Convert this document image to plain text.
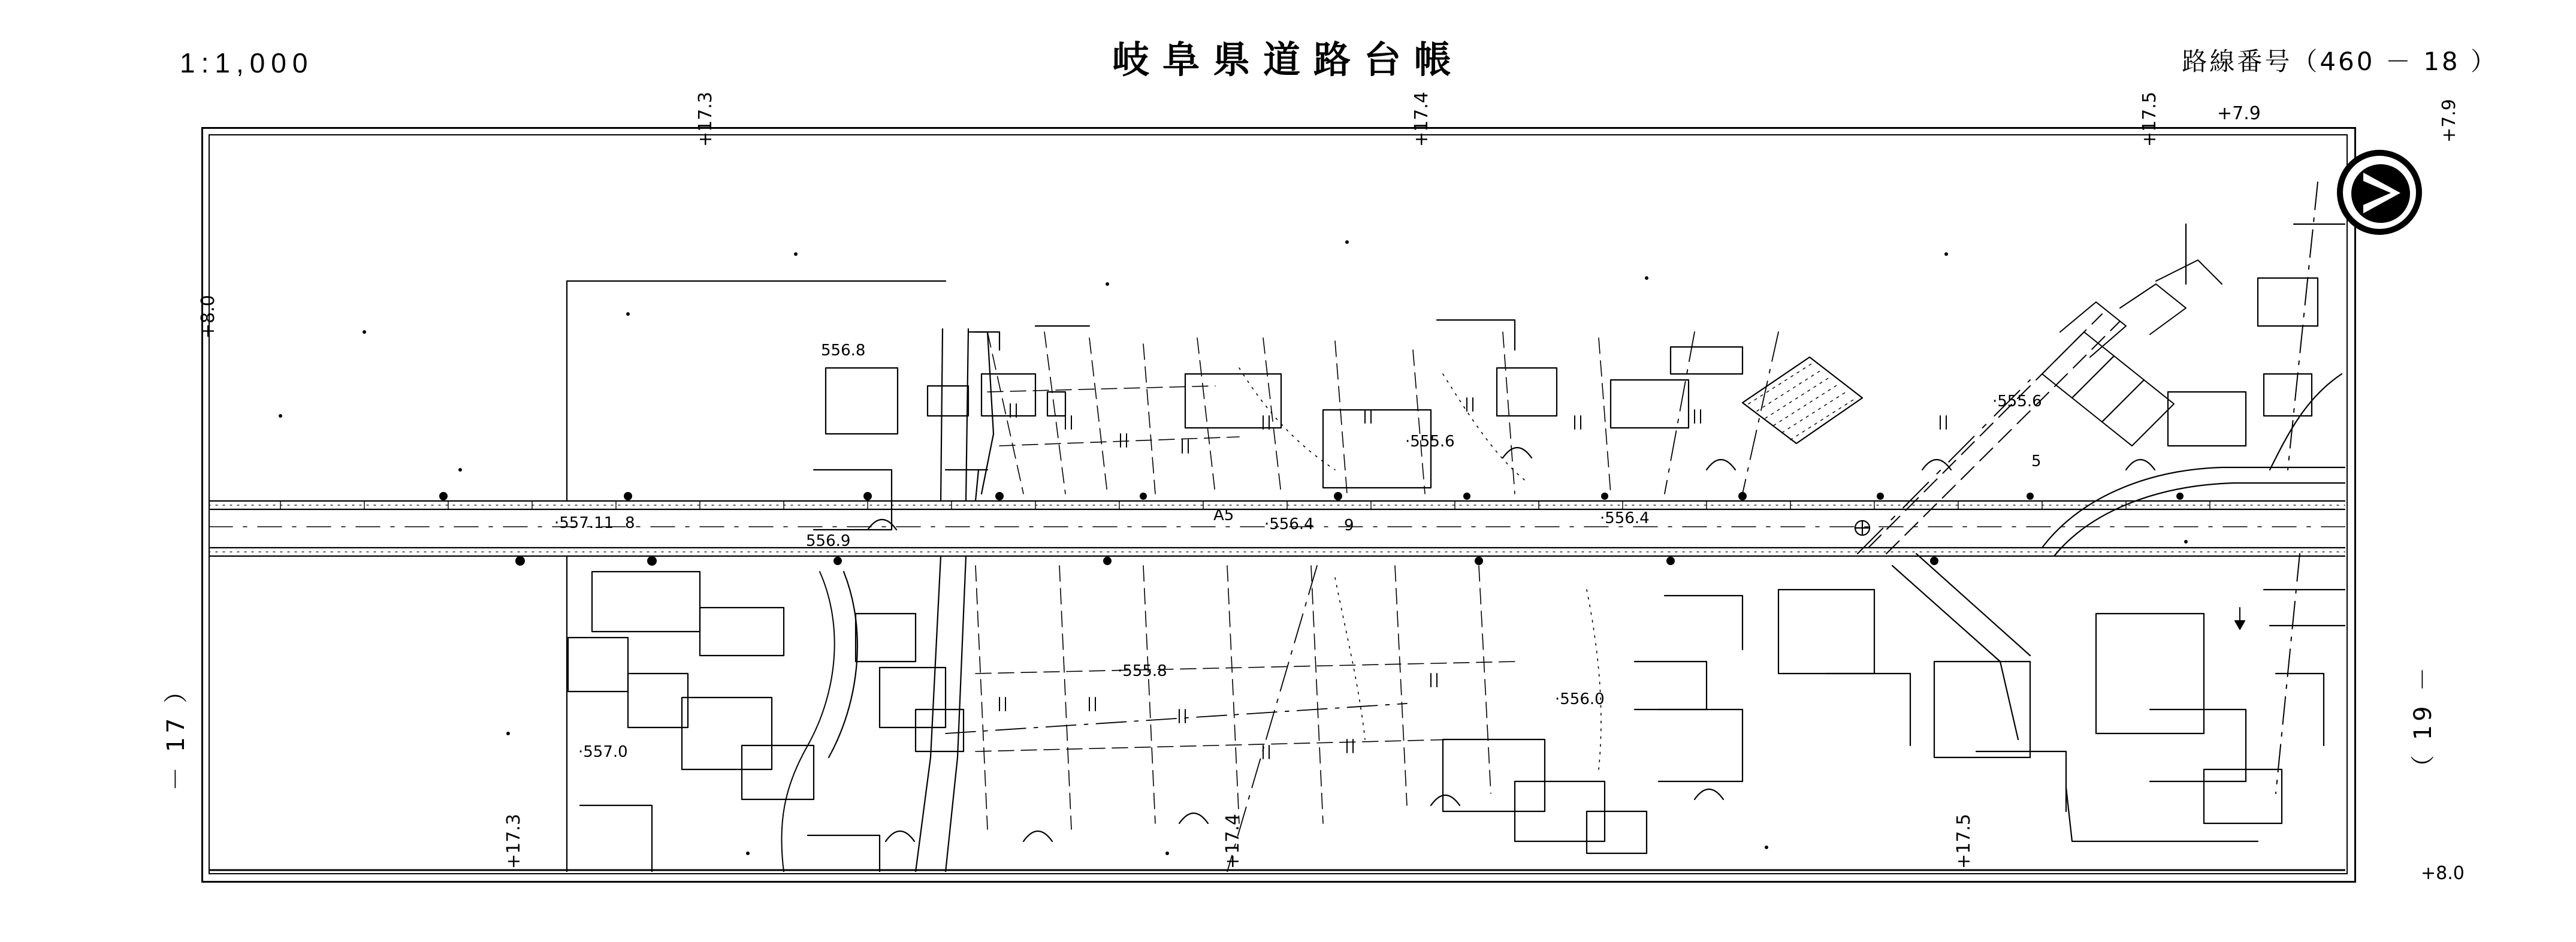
1:1,000	岐阜県道路台帳	路線番号（460 － 18 ）
－ 17 ）	（ 19 －
556.8
·555.6
·555.6
5
·557.11 8
556.9
A5 ·556.4 9	·556.4
·555.8
·556.0
·557.0
+17.3	+17.4	+17.5	+7.9	+7.9
+8.0
+17.3	+17.4	+17.5
+8.0
